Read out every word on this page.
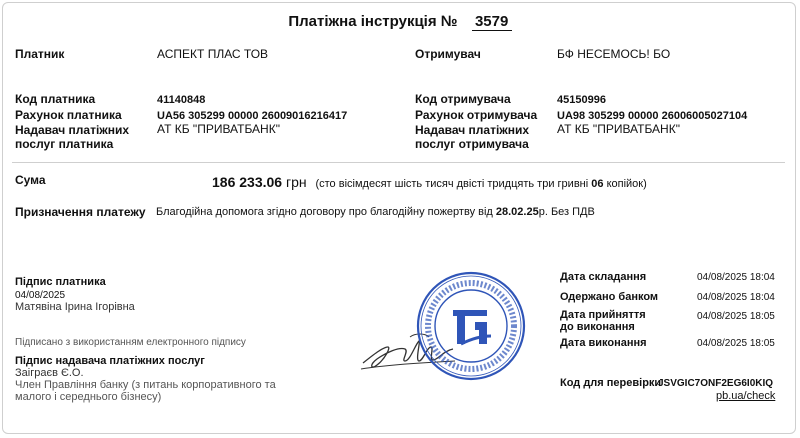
Платіжна інструкція № 3579
Платник	АСПЕКТ ПЛАС ТОВ	Отримувач	БФ НЕСЕМОСЬ! БО
Код платника	41140848
Рахунок платника	UA56 305299 00000 26009016216417
Надавач платіжних
послуг платника
АТ КБ "ПРИВАТБАНК"
Код отримувача	45150996
Рахунок отримувача UA98 305299 00000 26006005027104
Надавач платіжних
послуг отримувача
АТ КБ "ПРИВАТБАНК"
Сума	186 233.06 грн (сто вісімдесят шість тисяч двісті тридцять три гривні 06 копійок)
Призначення платежу Благодійна допомога згідно договору про благодійну пожертву від 28.02.25р. Без ПДВ
Підпис платника
04/08/2025
Матявіна Ірина Ігорівна
Підписано з використанням електронного підпису
Підпис надавача платіжних послуг
Заіграєв Є.О.
Член Правління банку (з питань корпоративного та
малого і середнього бізнесу)
Дата складання	04/08/2025 18:04
Одержано банком	04/08/2025 18:04
Дата прийняття
до виконання
04/08/2025 18:05
Дата виконання	04/08/2025 18:05
Код для перевірки
JSVGIC7ONF2EG6I0KIQ
pb.ua/check
